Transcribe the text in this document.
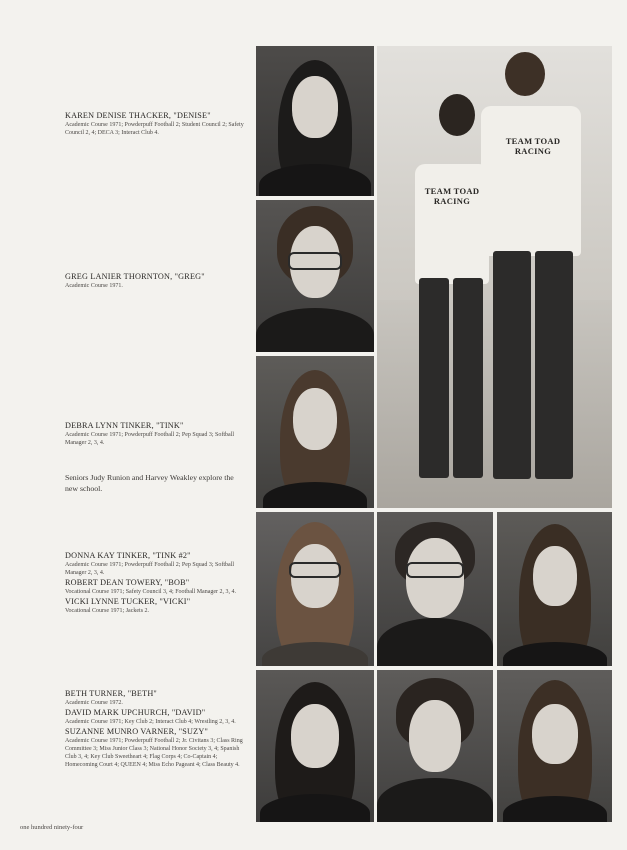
KAREN DENISE THACKER, "DENISE"
Academic Course 1971; Powderpuff Football 2; Student Council 2; Safety Council 2, 4; DECA 3; Interact Club 4.
GREG LANIER THORNTON, "GREG"
Academic Course 1971.
DEBRA LYNN TINKER, "TINK"
Academic Course 1971; Powderpuff Football 2; Pep Squad 3; Softball Manager 2, 3, 4.
Seniors Judy Runion and Harvey Weakley explore the new school.
DONNA KAY TINKER, "TINK #2"
Academic Course 1971; Powderpuff Football 2; Pep Squad 3; Softball Manager 2, 3, 4.
ROBERT DEAN TOWERY, "BOB"
Vocational Course 1971; Safety Council 3, 4; Football Manager 2, 3, 4.
VICKI LYNNE TUCKER, "VICKI"
Vocational Course 1971; Jackets 2.
BETH TURNER, "BETH"
Academic Course 1972.
DAVID MARK UPCHURCH, "DAVID"
Academic Course 1971; Key Club 2; Interact Club 4; Wrestling 2, 3, 4.
SUZANNE MUNRO VARNER, "SUZY"
Academic Course 1971; Powderpuff Football 2; Jr. Civitans 3; Class Ring Committee 3; Miss Junior Class 3; National Honor Society 3, 4; Spanish Club 3, 4; Key Club Sweetheart 4; Flag Corps 4; Co-Captain 4; Homecoming Court 4; QUEEN 4; Miss Echo Pageant 4; Class Beauty 4.
TEAM TOAD RACING
TEAM TOAD RACING
one hundred ninety-four
